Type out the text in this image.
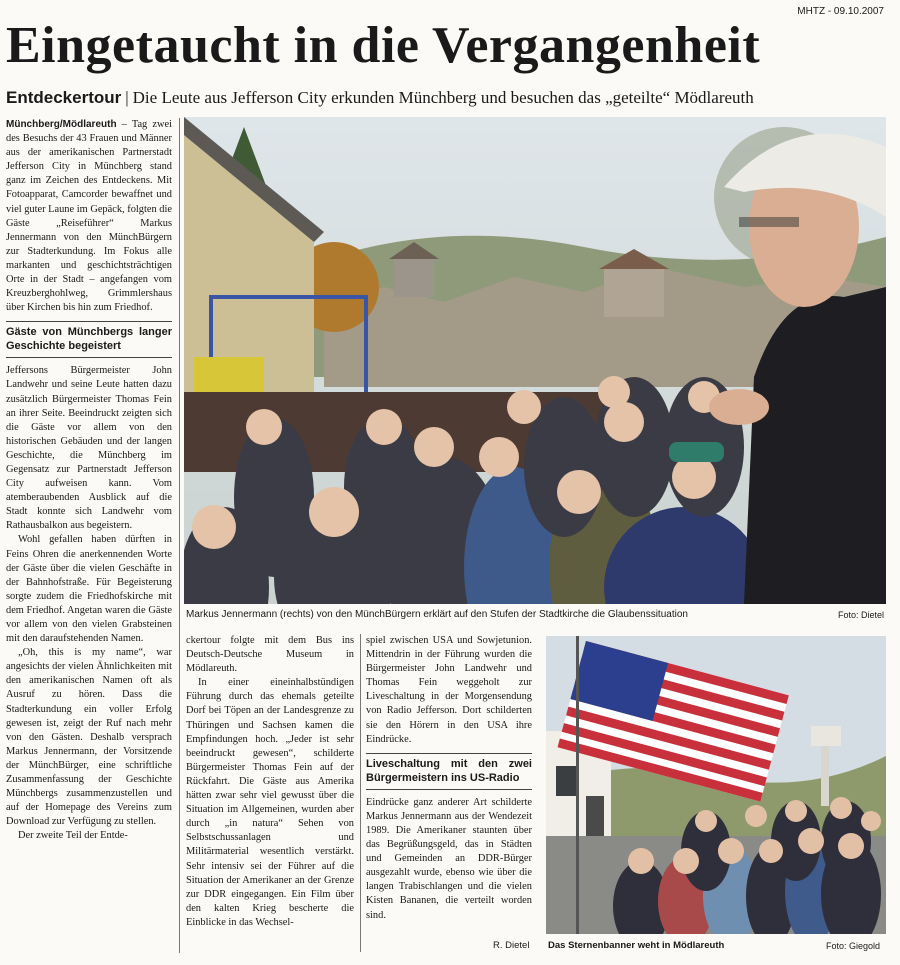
MHTZ - 09.10.2007
Eingetaucht in die Vergangenheit
Entdeckertour | Die Leute aus Jefferson City erkunden Münchberg und besuchen das „geteilte“ Mödlareuth

Münchberg/Mödlareuth – Tag zwei des Besuchs der 43 Frauen und Männer aus der amerikanischen Partnerstadt Jefferson City in Münchberg stand ganz im Zeichen des Entdeckens. Mit Fotoapparat, Camcorder bewaffnet und viel guter Laune im Gepäck, folgten die Gäste „Reiseführer“ Markus Jennermann von den MünchBürgern zur Stadterkundung. Im Fokus alle markanten und geschichtsträchtigen Orte in der Stadt – angefangen vom Kreuzberghohlweg, Grimmlershaus über Kirchen bis hin zum Friedhof.

Gäste von Münchbergs langer Geschichte begeistert

Jeffersons Bürgermeister John Landwehr und seine Leute hatten dazu zusätzlich Bürgermeister Thomas Fein an ihrer Seite. Beeindruckt zeigten sich die Gäste vor allem von den historischen Gebäuden und der langen Geschichte, die Münchberg im Gegensatz zur Partnerstadt Jefferson City aufweisen kann. Vom atemberaubenden Ausblick auf die Stadt konnte sich Landwehr vom Rathausbalkon aus begeistern.

Wohl gefallen haben dürften in Feins Ohren die anerkennenden Worte der Gäste über die vielen Geschäfte in der Bahnhofstraße. Für Begeisterung sorgte zudem die Friedhofskirche mit dem Friedhof. Angetan waren die Gäste vor allem von den vielen Grabsteinen mit den daraufstehenden Namen.

„Oh, this is my name“, war angesichts der vielen Ähnlichkeiten mit den amerikanischen Namen oft als Ausruf zu hören. Dass die Stadterkundung ein voller Erfolg gewesen ist, zeigt der Ruf nach mehr von den Gästen. Deshalb versprach Markus Jennermann, der Vorsitzende der MünchBürger, eine schriftliche Zusammenfassung der Geschichte Münchbergs zusammenzustellen und auf der Homepage des Vereins zum Download zur Verfügung zu stellen.

Der zweite Teil der Entde-

Markus Jennermann (rechts) von den MünchBürgern erklärt auf den Stufen der Stadtkirche die Glaubenssituation	Foto: Dietel

ckertour folgte mit dem Bus ins Deutsch-Deutsche Museum in Mödlareuth.

In einer eineinhalbstündigen Führung durch das ehemals geteilte Dorf bei Töpen an der Landesgrenze zu Thüringen und Sachsen kamen die Empfindungen hoch. „Jeder ist sehr beeindruckt gewesen“, schilderte Bürgermeister Thomas Fein auf der Rückfahrt. Die Gäste aus Amerika hätten zwar sehr viel gewusst über die Situation im Allgemeinen, wurden aber durch „in natura“ Sehen von Selbstschussanlagen und Militärmaterial wesentlich verstärkt. Sehr intensiv sei der Führer auf die Situation der Amerikaner an der Grenze zur DDR eingegangen. Ein Film über den kalten Krieg bescherte die Einblicke in das Wechsel-

spiel zwischen USA und Sowjetunion. Mittendrin in der Führung wurden die Bürgermeister John Landwehr und Thomas Fein weggeholt zur Liveschaltung in der Morgensendung von Radio Jefferson. Dort schilderten sie den Hörern in den USA ihre Eindrücke.

Liveschaltung mit den zwei Bürgermeistern ins US-Radio

Eindrücke ganz anderer Art schilderte Markus Jennermann aus der Wendezeit 1989. Die Amerikaner staunten über das Begrüßungsgeld, das in Städten und Gemeinden an DDR-Bürger ausgezahlt wurde, ebenso wie über die langen Trabischlangen und die vielen Kisten Bananen, die verteilt worden sind.

R. Dietel Das Sternenbanner weht in Mödlareuth	Foto: Giegold
